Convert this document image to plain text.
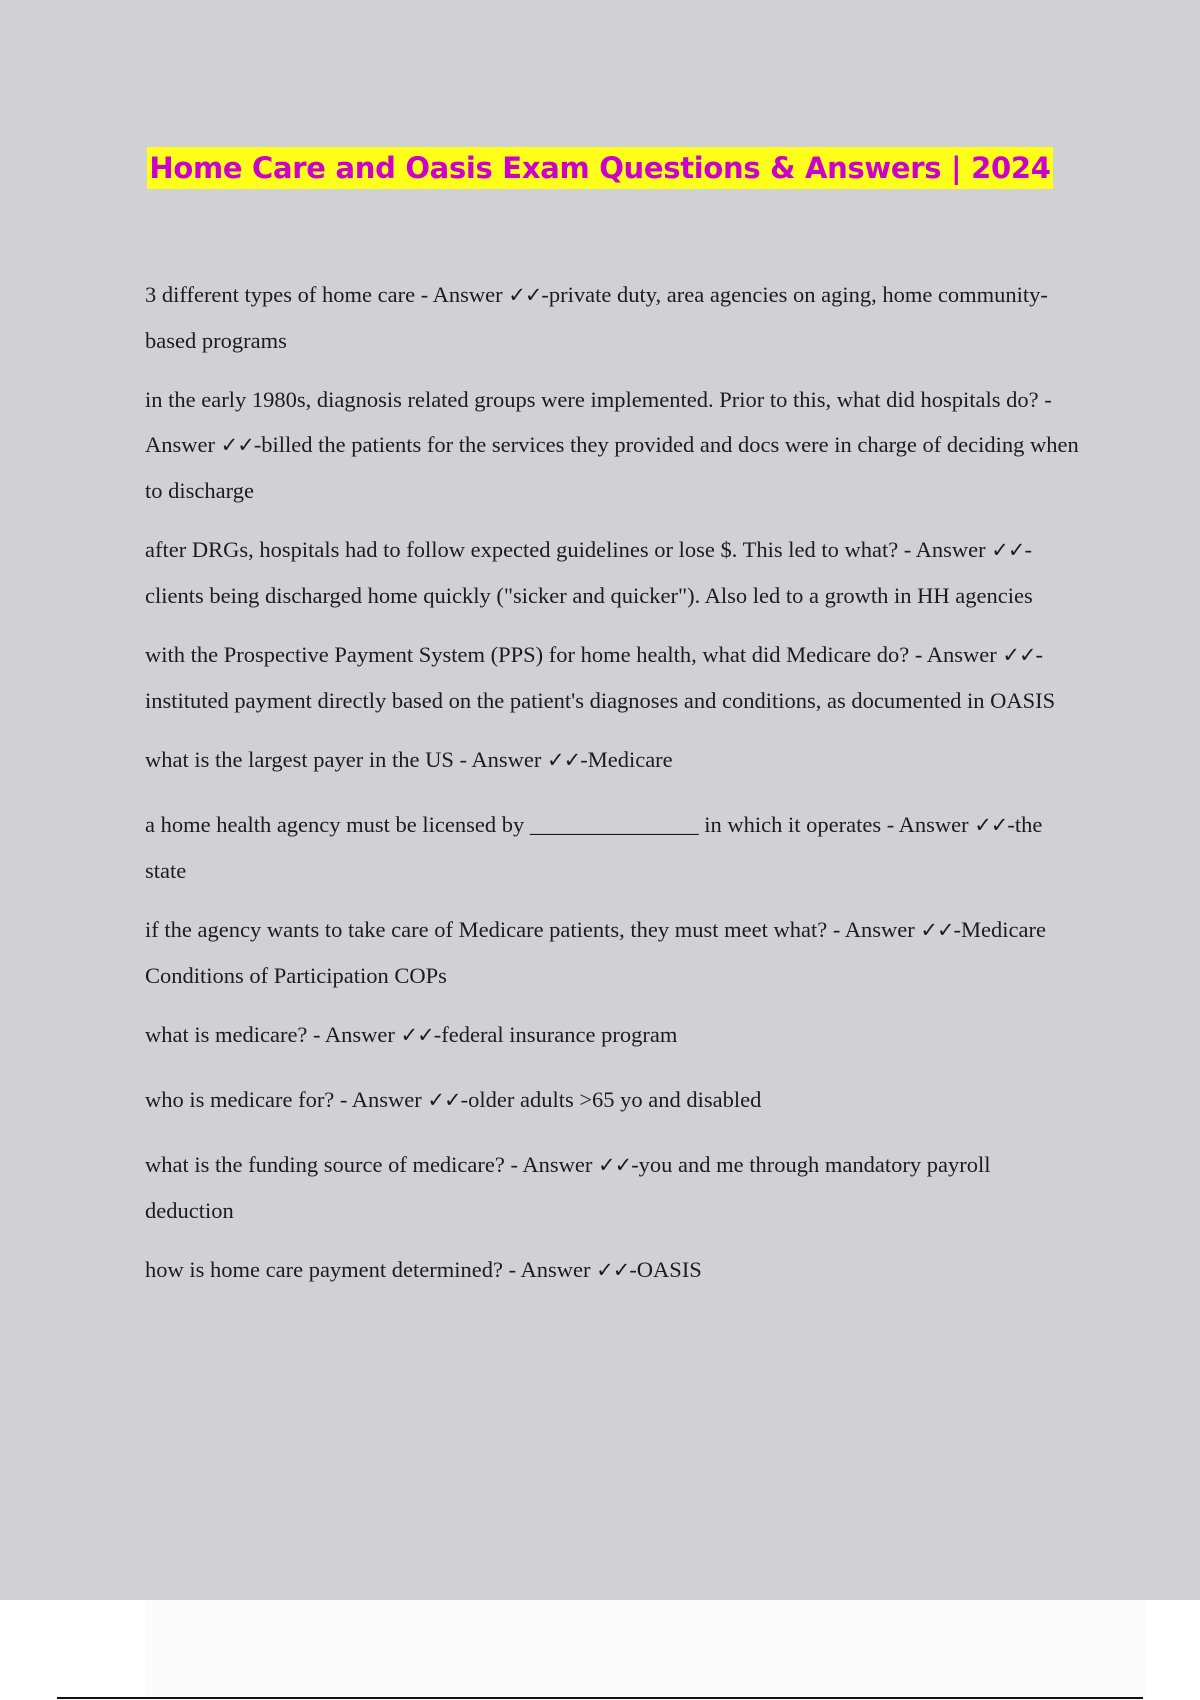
Home Care and Oasis Exam Questions & Answers | 2024

3 different types of home care - Answer ✓✓-private duty, area agencies on aging, home community-based programs

in the early 1980s, diagnosis related groups were implemented. Prior to this, what did hospitals do? - Answer ✓✓-billed the patients for the services they provided and docs were in charge of deciding when to discharge

after DRGs, hospitals had to follow expected guidelines or lose $. This led to what? - Answer ✓✓-clients being discharged home quickly ("sicker and quicker"). Also led to a growth in HH agencies

with the Prospective Payment System (PPS) for home health, what did Medicare do? - Answer ✓✓-instituted payment directly based on the patient's diagnoses and conditions, as documented in OASIS

what is the largest payer in the US - Answer ✓✓-Medicare

a home health agency must be licensed by _______________ in which it operates - Answer ✓✓-the state

if the agency wants to take care of Medicare patients, they must meet what? - Answer ✓✓-Medicare Conditions of Participation COPs

what is medicare? - Answer ✓✓-federal insurance program

who is medicare for? - Answer ✓✓-older adults >65 yo and disabled

what is the funding source of medicare? - Answer ✓✓-you and me through mandatory payroll deduction

how is home care payment determined? - Answer ✓✓-OASIS
